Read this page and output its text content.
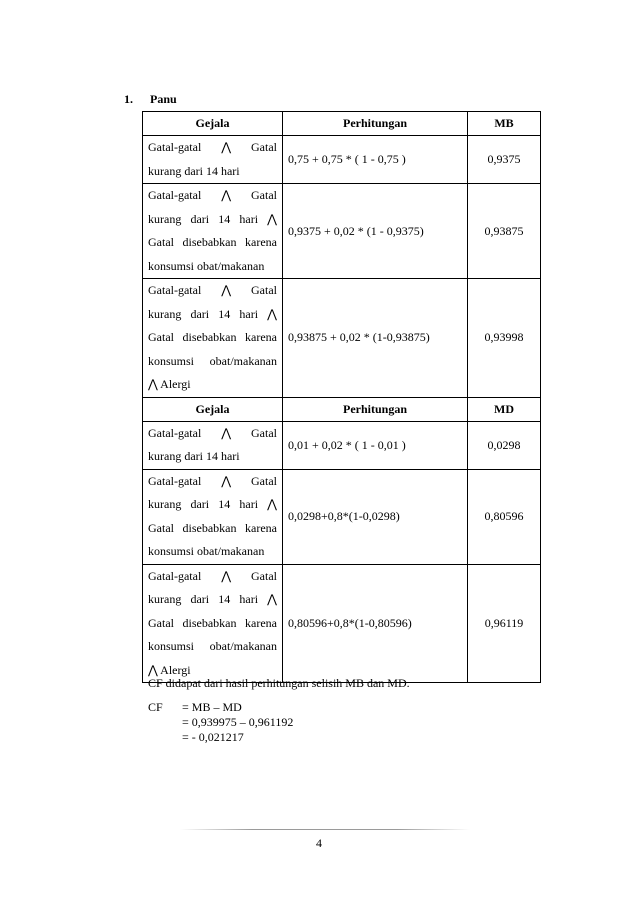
1. Panu
Gejala	Perhitungan	MB

Gatal-gatal ⋀ Gatal
kurang dari 14 hari	0,75 + 0,75 * ( 1 - 0,75 )	0,9375

Gatal-gatal ⋀ Gatal
kurang dari 14 hari ⋀
Gatal disebabkan karena
konsumsi obat/makanan	0,9375 + 0,02 * (1 - 0,9375)	0,93875

Gatal-gatal ⋀ Gatal
kurang dari 14 hari ⋀
Gatal disebabkan karena
konsumsi obat/makanan
⋀ Alergi	0,93875 + 0,02 * (1-0,93875)	0,93998
Gejala	Perhitungan	MD

Gatal-gatal ⋀ Gatal
kurang dari 14 hari	0,01 + 0,02 * ( 1 - 0,01 )	0,0298

Gatal-gatal ⋀ Gatal
kurang dari 14 hari ⋀
Gatal disebabkan karena
konsumsi obat/makanan	0,0298+0,8*(1-0,0298)	0,80596

Gatal-gatal ⋀ Gatal
kurang dari 14 hari ⋀
Gatal disebabkan karena
konsumsi obat/makanan
⋀ Alergi	0,80596+0,8*(1-0,80596)	0,96119
CF didapat dari hasil perhitungan selisih MB dan MD.
CF = MB – MD
= 0,939975 – 0,961192
= - 0,021217
4
